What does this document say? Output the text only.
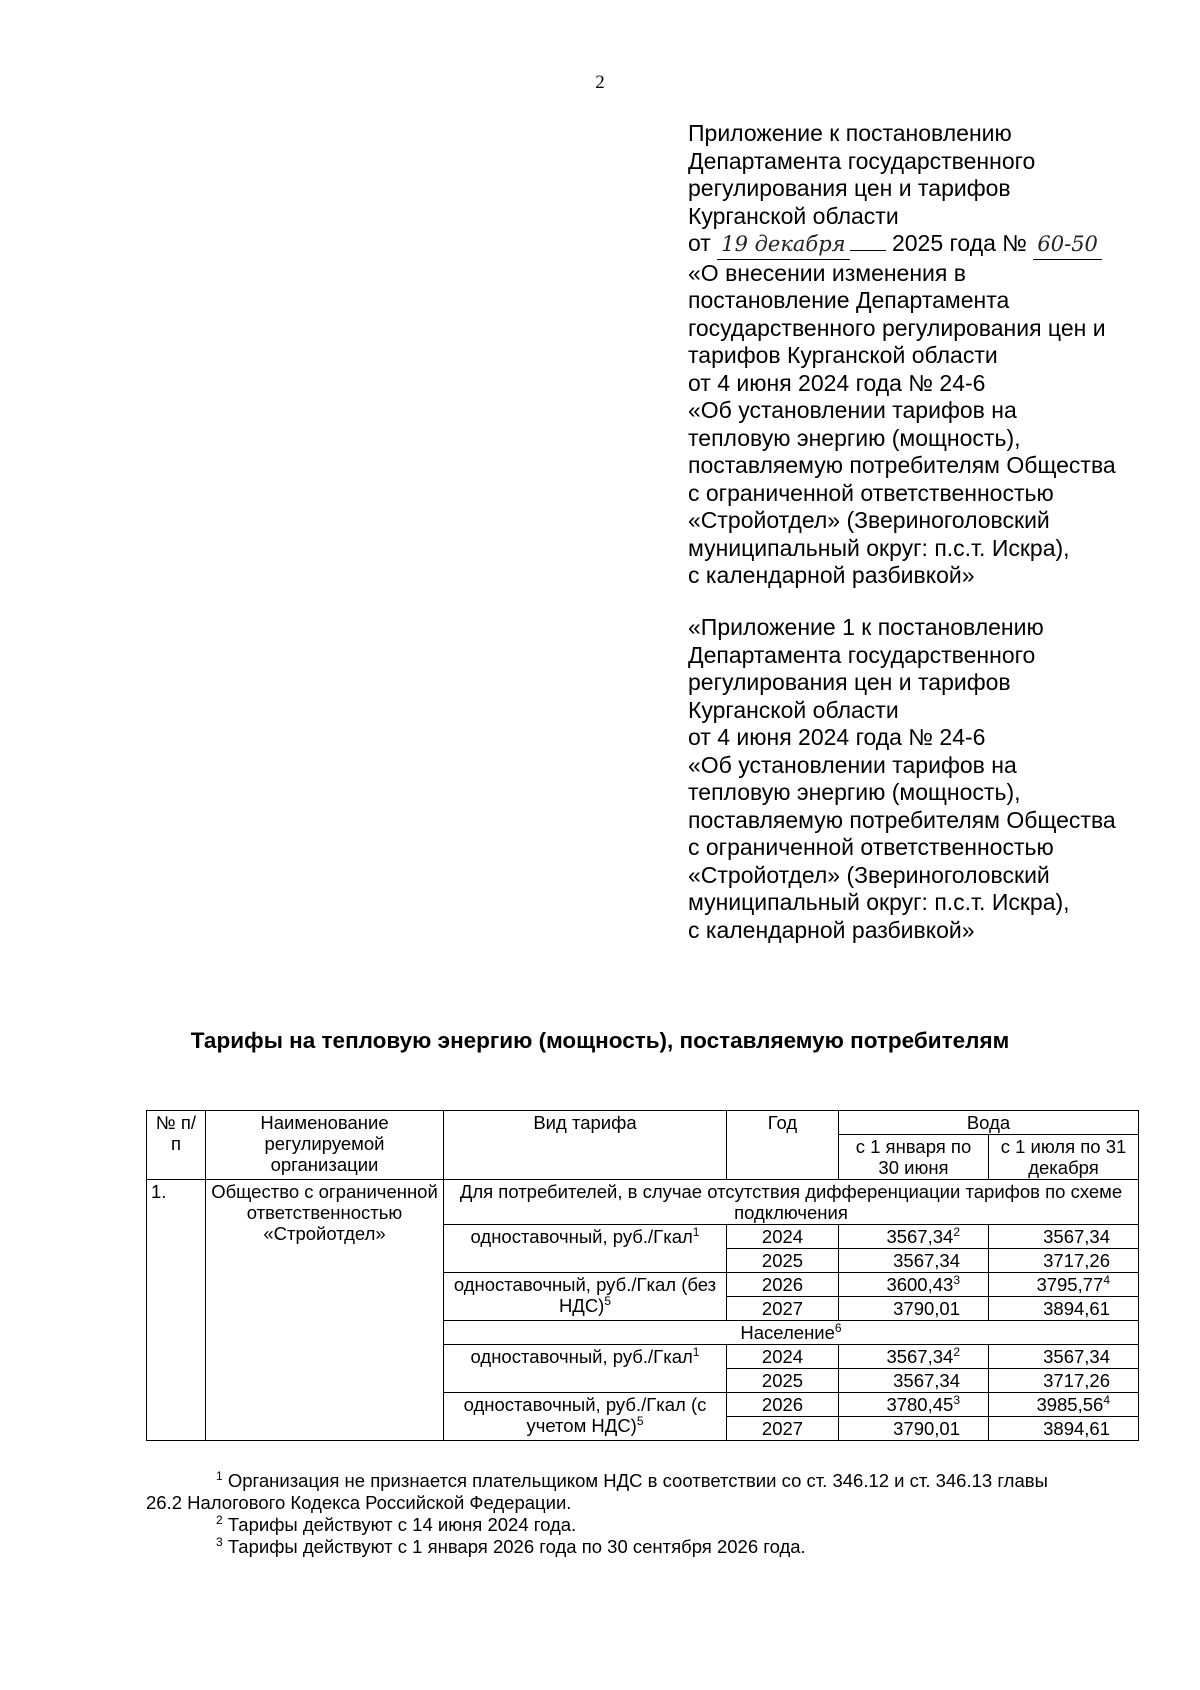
2
Приложение к постановлению
Департамента государственного
регулирования цен и тарифов
Курганской области
от 19 декабря 2025 года № 60-50
«О внесении изменения в
постановление Департамента
государственного регулирования цен и
тарифов Курганской области
от 4 июня 2024 года № 24-6
«Об установлении тарифов на
тепловую энергию (мощность),
поставляемую потребителям Общества
с ограниченной ответственностью
«Стройотдел» (Звериноголовский
муниципальный округ: п.с.т. Искра),
с календарной разбивкой»
«Приложение 1 к постановлению
Департамента государственного
регулирования цен и тарифов
Курганской области
от 4 июня 2024 года № 24-6
«Об установлении тарифов на
тепловую энергию (мощность),
поставляемую потребителям Общества
с ограниченной ответственностью
«Стройотдел» (Звериноголовский
муниципальный округ: п.с.т. Искра),
с календарной разбивкой»
Тарифы на тепловую энергию (мощность), поставляемую потребителям
№ п/п	Наименование регулируемой организации	Вид тарифа	Год	Вода	
				с 1 января по 30 июня	с 1 июля по 31 декабря
1.	Общество с ограниченной ответственностью «Стройотдел»	Для потребителей, в случае отсутствия дифференциации тарифов по схеме подключения			
		одноставочный, руб./Гкал$^1$	2024	3567,34$^2$	3567,34
			2025	3567,34	3717,26
		одноставочный, руб./Гкал (без НДС)$^5$	2026	3600,43$^3$	3795,77$^4$
			2027	3790,01	3894,61
		Население$^6$
		одноставочный, руб./Гкал$^1$	2024	3567,34$^2$	3567,34
			2025	3567,34	3717,26
		одноставочный, руб./Гкал (с учетом НДС)$^5$	2026	3780,45$^3$	3985,56$^4$
			2027	3790,01	3894,61

$^1$ Организация не признается плательщиком НДС в соответствии со ст. 346.12 и ст. 346.13 главы

26.2 Налогового Кодекса Российской Федерации.

$^2$ Тарифы действуют с 14 июня 2024 года.

$^3$ Тарифы действуют с 1 января 2026 года по 30 сентября 2026 года.
